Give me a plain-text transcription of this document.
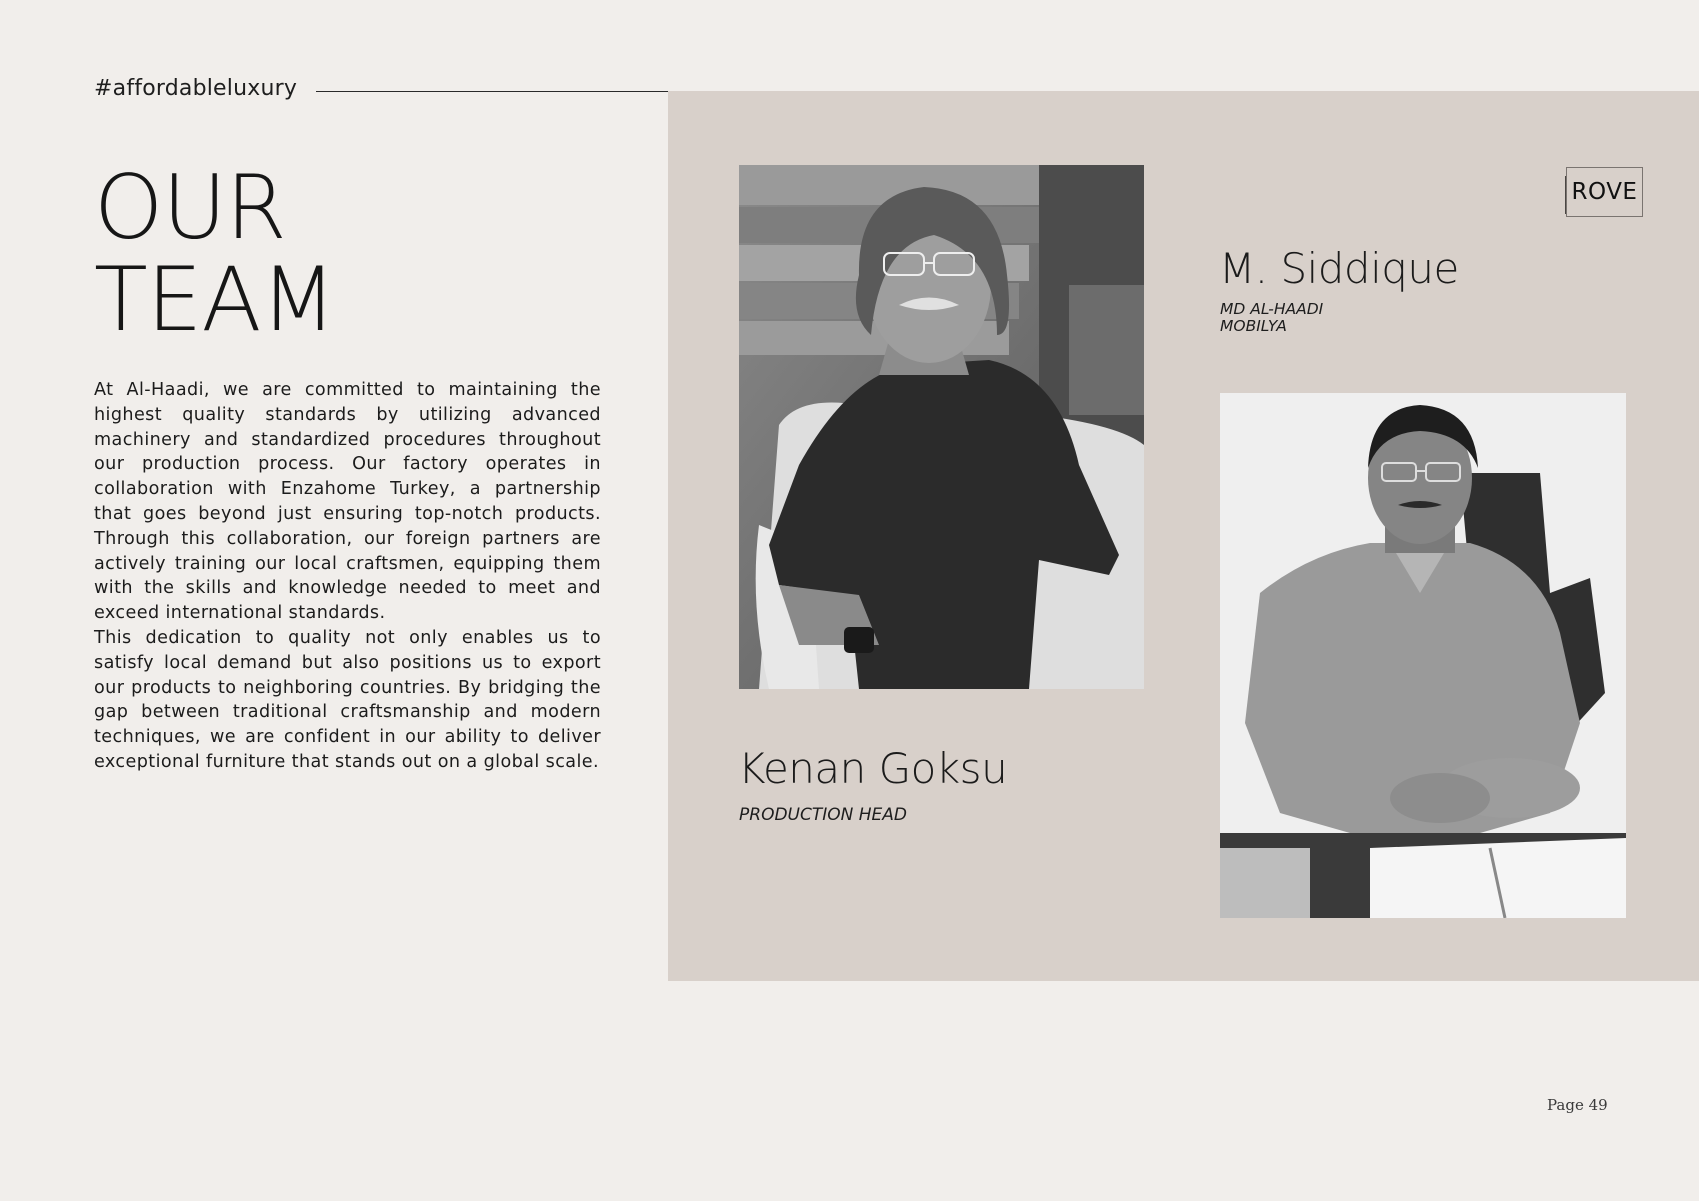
#affordableluxury
OUR
TEAM

At Al-Haadi, we are committed to maintaining the highest quality standards by utilizing advanced machinery and standardized procedures throughout our production process. Our factory operates in collaboration with Enzahome Turkey, a partnership that goes beyond just ensuring top-notch products. Through this collaboration, our foreign partners are actively training our local craftsmen, equipping them with the skills and knowledge needed to meet and exceed international standards.

This dedication to quality not only enables us to satisfy local demand but also positions us to export our products to neighboring countries. By bridging the gap between traditional craftsmanship and modern techniques, we are confident in our ability to deliver exceptional furniture that stands out on a global scale.

M. Siddique
MD AL-HAADI
MOBILYA
Kenan Goksu
PRODUCTION HEAD
ROVE
Page 49
